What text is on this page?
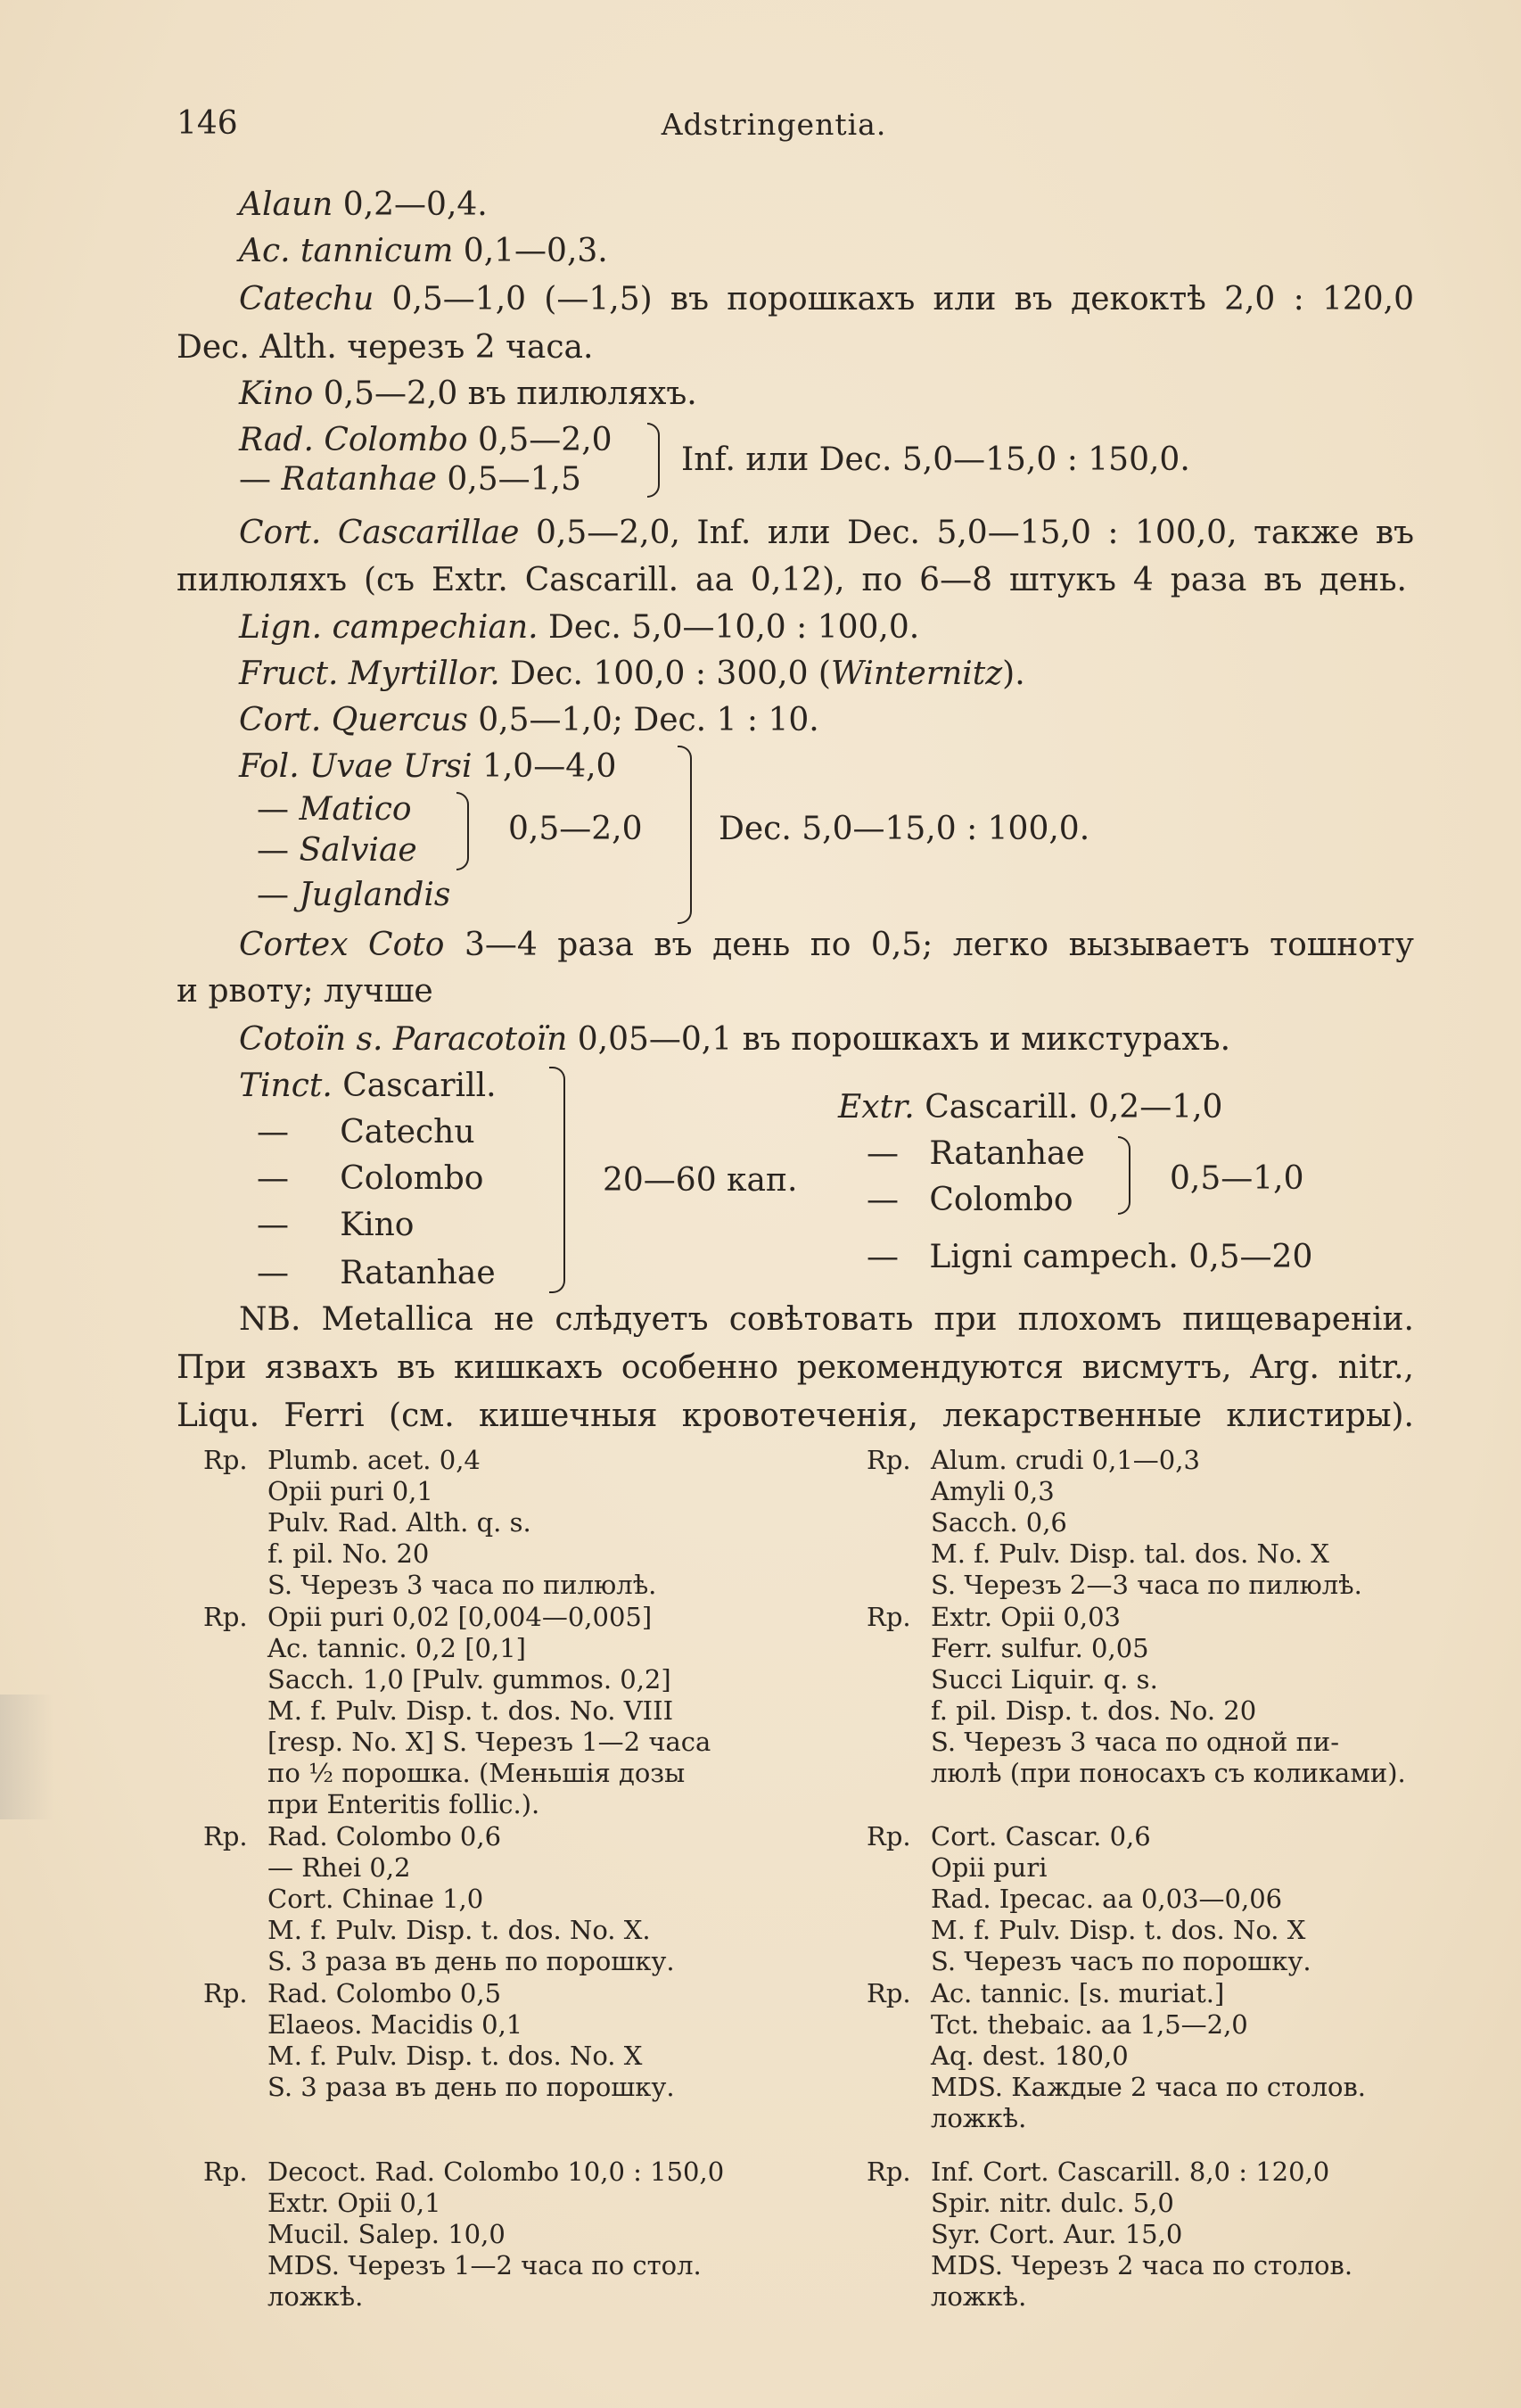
146	Adstringentia.
Alaun 0,2—0,4.
Ac. tannicum 0,1—0,3.
Catechu 0,5—1,0 (—1,5) въ порошкахъ или въ декоктѣ 2,0 : 120,0
Dec. Alth. черезъ 2 часа.
Kino 0,5—2,0 въ пилюляхъ.
Rad. Colombo 0,5—2,0
— Ratanhae 0,5—1,5
Inf. или Dec. 5,0—15,0 : 150,0.
Cort. Cascarillae 0,5—2,0, Inf. или Dec. 5,0—15,0 : 100,0, также въ
пилюляхъ (съ Extr. Cascarill. aa 0,12), по 6—8 штукъ 4 раза въ день.
Lign. campechian. Dec. 5,0—10,0 : 100,0.
Fruct. Myrtillor. Dec. 100,0 : 300,0 (Winternitz).
Cort. Quercus 0,5—1,0; Dec. 1 : 10.
Fol. Uvae Ursi 1,0—4,0
— Matico
— Salviae
0,5—2,0 Dec. 5,0—15,0 : 100,0.
— Juglandis
Cortex Coto 3—4 раза въ день по 0,5; легко вызываетъ тошноту
и рвоту; лучше
Cotoïn s. Paracotoïn 0,05—0,1 въ порошкахъ и микстурахъ.
Tinct. Cascarill.
—     Catechu
—     Colombo
—     Kino
—     Ratanhae
20—60 кап.
Extr. Cascarill. 0,2—1,0
—   Ratanhae
—   Colombo
0,5—1,0
—   Ligni campech. 0,5—20
NB. Metallica не слѣдуетъ совѣтовать при плохомъ пищевареніи.
При язвахъ въ кишкахъ особенно рекомендуются висмутъ, Arg. nitr.,
Liqu. Ferri (см. кишечныя кровотеченія, лекарственные клистиры).
Rp. Plumb. acet. 0,4
Opii puri 0,1
Pulv. Rad. Alth. q. s.
f. pil. No. 20
S. Черезъ 3 часа по пилюлѣ.
Rp. Opii puri 0,02 [0,004—0,005]
Ac. tannic. 0,2 [0,1]
Sacch. 1,0 [Pulv. gummos. 0,2]
M. f. Pulv. Disp. t. dos. No. VIII
[resp. No. X] S. Черезъ 1—2 часа
по ½ порошка. (Меньшія дозы
при Enteritis follic.).
Rp. Rad. Colombo 0,6
— Rhei 0,2
Cort. Chinae 1,0
M. f. Pulv. Disp. t. dos. No. X.
S. 3 раза въ день по порошку.
Rp. Rad. Colombo 0,5
Elaeos. Macidis 0,1
M. f. Pulv. Disp. t. dos. No. X
S. 3 раза въ день по порошку.
Rp. Decoct. Rad. Colombo 10,0 : 150,0
Extr. Opii 0,1
Mucil. Salep. 10,0
MDS. Черезъ 1—2 часа по стол.
ложкѣ.
Rp. Alum. crudi 0,1—0,3
Amyli 0,3
Sacch. 0,6
M. f. Pulv. Disp. tal. dos. No. X
S. Черезъ 2—3 часа по пилюлѣ.
Rp. Extr. Opii 0,03
Ferr. sulfur. 0,05
Succi Liquir. q. s.
f. pil. Disp. t. dos. No. 20
S. Черезъ 3 часа по одной пи-
люлѣ (при поносахъ съ коликами).
Rp. Cort. Cascar. 0,6
Opii puri
Rad. Ipecac. aa 0,03—0,06
M. f. Pulv. Disp. t. dos. No. X
S. Черезъ часъ по порошку.
Rp. Ac. tannic. [s. muriat.]
Tct. thebaic. aa 1,5—2,0
Aq. dest. 180,0
MDS. Каждые 2 часа по столов.
ложкѣ.
Rp. Inf. Cort. Cascarill. 8,0 : 120,0
Spir. nitr. dulc. 5,0
Syr. Cort. Aur. 15,0
MDS. Черезъ 2 часа по столов.
ложкѣ.
